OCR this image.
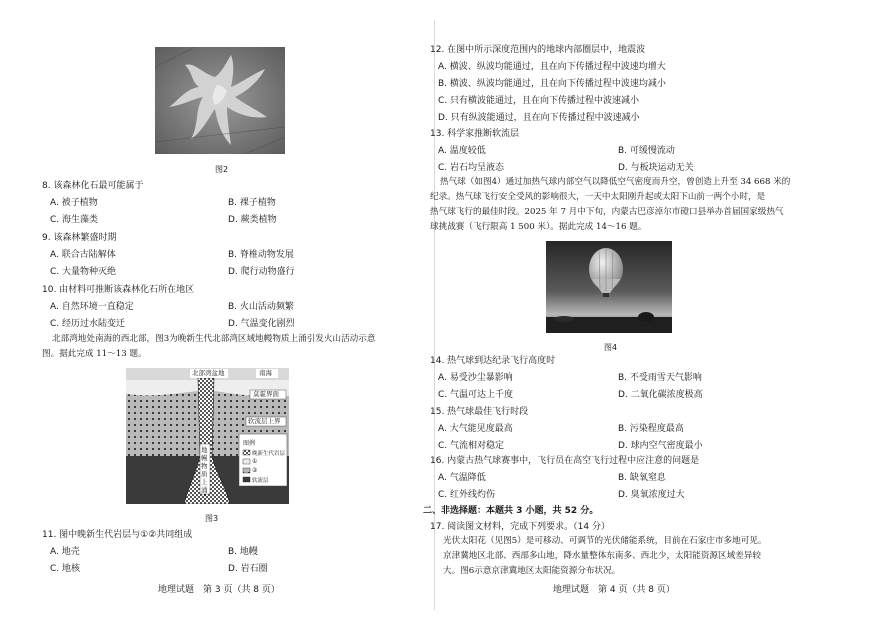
图2
8. 该森林化石最可能属于
A. 被子植物	B. 裸子植物
C. 海生藻类	D. 蕨类植物
9. 该森林繁盛时期
A. 联合古陆解体	B. 脊椎动物发展
C. 大量物种灭绝	D. 爬行动物盛行
10. 由材料可推断该森林化石所在地区
A. 自然环境一直稳定	B. 火山活动频繁
C. 经历过水陆变迁	D. 气温变化剧烈
北部湾地处南海的西北部，图3为晚新生代北部湾区域地幔物质上涌引发火山活动示意
图。据此完成 11～13 题。
北部湾盆地	南海
莫霍界面
软流层上界
地幔物质上涌
图例
晚新生代岩层
①
②
软流层
图3
11. 图中晚新生代岩层与①②共同组成
A. 地壳	B. 地幔
C. 地核	D. 岩石圈
地理试题　第 3 页（共 8 页）
12. 在图中所示深度范围内的地球内部圈层中，地震波
A. 横波、纵波均能通过，且在向下传播过程中波速均增大
B. 横波、纵波均能通过，且在向下传播过程中波速均减小
C. 只有横波能通过，且在向下传播过程中波速减小
D. 只有纵波能通过，且在向下传播过程中波速减小
13. 科学家推断软流层
A. 温度较低	B. 可缓慢流动
C. 岩石均呈液态	D. 与板块运动无关
热气球（如图4）通过加热气球内部空气以降低空气密度而升空，曾创造上升至 34 668 米的
纪录。热气球飞行安全受风的影响很大，一天中太阳刚升起或太阳下山前一两个小时，是
热气球飞行的最佳时段。2025 年 7 月中下旬，内蒙古巴彦淖尔市磴口县举办首届国家级热气
球挑战赛（飞行限高 1 500 米）。据此完成 14～16 题。
图4
14. 热气球到达纪录飞行高度时
A. 易受沙尘暴影响	B. 不受雨雪天气影响
C. 气温可达上千度	D. 二氧化碳浓度极高
15. 热气球最佳飞行时段
A. 大气能见度最高	B. 污染程度最高
C. 气流相对稳定	D. 球内空气密度最小
16. 内蒙古热气球赛事中，飞行员在高空飞行过程中应注意的问题是
A. 气温降低	B. 缺氧窒息
C. 红外线灼伤	D. 臭氧浓度过大
二、非选择题：本题共 3 小题，共 52 分。
17. 阅读图文材料，完成下列要求。（14 分）
光伏太阳花（见图5）是可移动、可调节的光伏储能系统，目前在石家庄市多地可见。
京津冀地区北部、西部多山地，降水量整体东南多、西北少，太阳能资源区域差异较
大。图6示意京津冀地区太阳能资源分布状况。
地理试题　第 4 页（共 8 页）
